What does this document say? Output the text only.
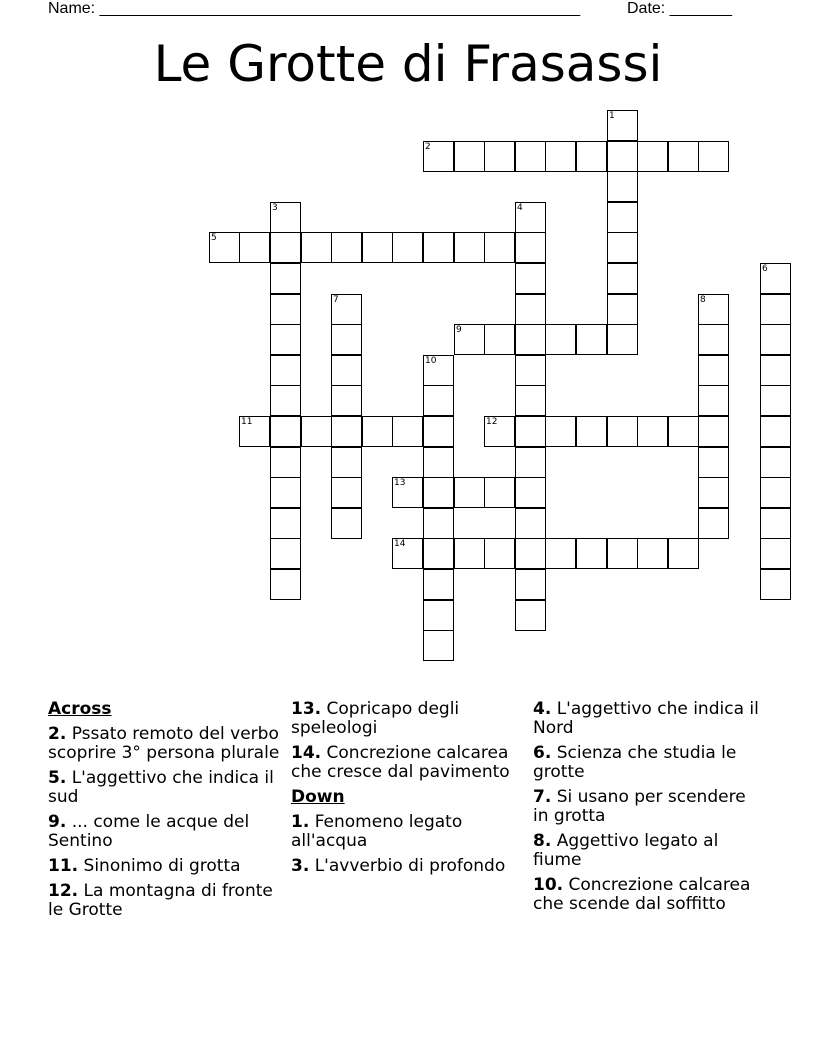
Name: ______________________________________________________	Date: _______
Le Grotte di Frasassi
1
2
3	4
5
6
7	8
9
10
11	12
13
14
Across
2. Pssato remoto del verbo scoprire 3° persona plurale
5. L'aggettivo che indica il sud
9. ... come le acque del Sentino
11. Sinonimo di grotta
12. La montagna di fronte le Grotte
13. Copricapo degli speleologi
14. Concrezione calcarea che cresce dal pavimento
Down
1. Fenomeno legato all'acqua
3. L'avverbio di profondo
4. L'aggettivo che indica il Nord
6. Scienza che studia le grotte
7. Si usano per scendere in grotta
8. Aggettivo legato al fiume
10. Concrezione calcarea che scende dal soffitto
